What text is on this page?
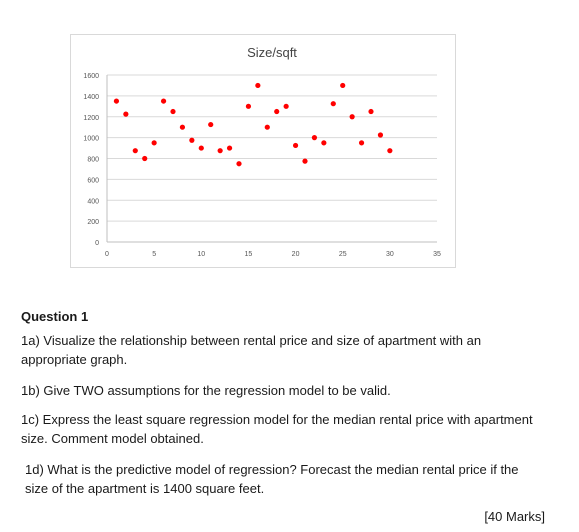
Size/sqft
0
200
400
600
800
1000
1200
1400
1600
0	5	10	15	20	25	30	35
Question 1
1a) Visualize the relationship between rental price and size of apartment with an appropriate graph.
1b) Give TWO assumptions for the regression model to be valid.
1c) Express the least square regression model for the median rental price with apartment size. Comment model obtained.
1d) What is the predictive model of regression? Forecast the median rental price if the size of the apartment is 1400 square feet.
[40 Marks]
